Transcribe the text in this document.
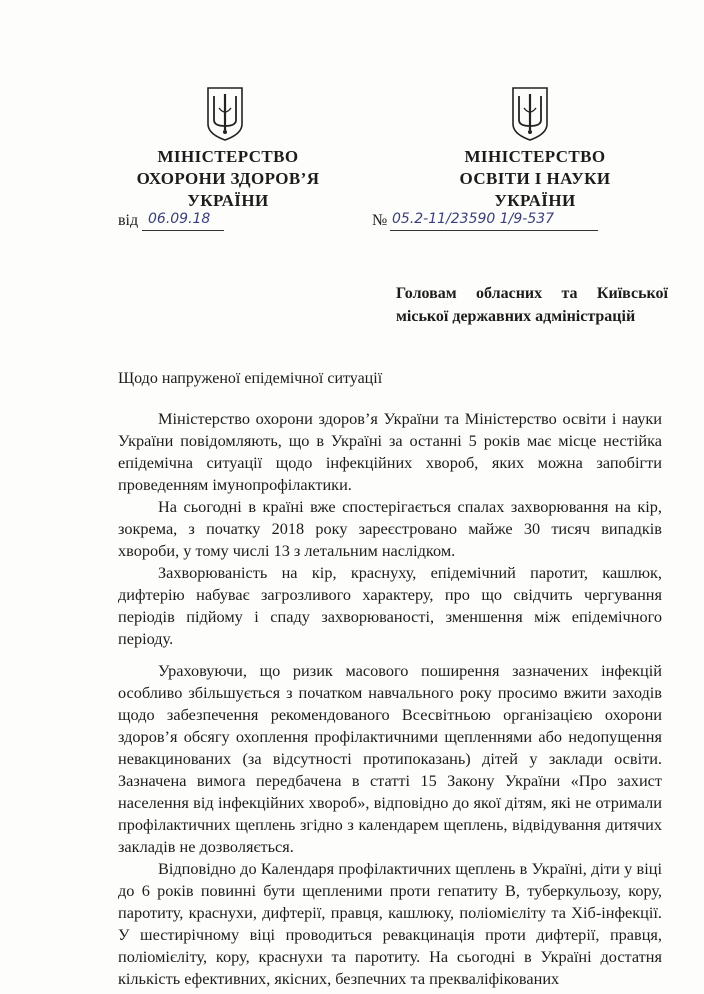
МІНІСТЕРСТВО
ОХОРОНИ ЗДОРОВ’Я УКРАЇНИ
МІНІСТЕРСТВО
ОСВІТИ І НАУКИ УКРАЇНИ
від 06.09.18	№ 05.2-11/23590 1/9-537
Головам обласних та Київської
міської державних адміністрацій
Щодо напруженої епідемічної ситуації

Міністерство охорони здоров’я України та Міністерство освіти і науки України повідомляють, що в Україні за останні 5 років має місце нестійка епідемічна ситуації щодо інфекційних хвороб, яких можна запобігти проведенням імунопрофілактики.

На сьогодні в країні вже спостерігається спалах захворювання на кір, зокрема, з початку 2018 року зареєстровано майже 30 тисяч випадків хвороби, у тому числі 13 з летальним наслідком.

Захворюваність на кір, краснуху, епідемічний паротит, кашлюк, дифтерію набуває загрозливого характеру, про що свідчить чергування періодів підйому і спаду захворюваності, зменшення між епідемічного періоду.

Ураховуючи, що ризик масового поширення зазначених інфекцій особливо збільшується з початком навчального року просимо вжити заходів щодо забезпечення рекомендованого Всесвітньою організацією охорони здоров’я обсягу охоплення профілактичними щепленнями або недопущення невакцинованих (за відсутності протипоказань) дітей у заклади освіти. Зазначена вимога передбачена в статті 15 Закону України «Про захист населення від інфекційних хвороб», відповідно до якої дітям, які не отримали профілактичних щеплень згідно з календарем щеплень, відвідування дитячих закладів не дозволяється.

Відповідно до Календаря профілактичних щеплень в Україні, діти у віці до 6 років повинні бути щепленими проти гепатиту В, туберкульозу, кору, паротиту, краснухи, дифтерії, правця, кашлюку, поліомієліту та Хіб-інфекції. У шестирічному віці проводиться ревакцинація проти дифтерії, правця, поліомієліту, кору, краснухи та паротиту. На сьогодні в Україні достатня кількість ефективних, якісних, безпечних та прекваліфікованих
